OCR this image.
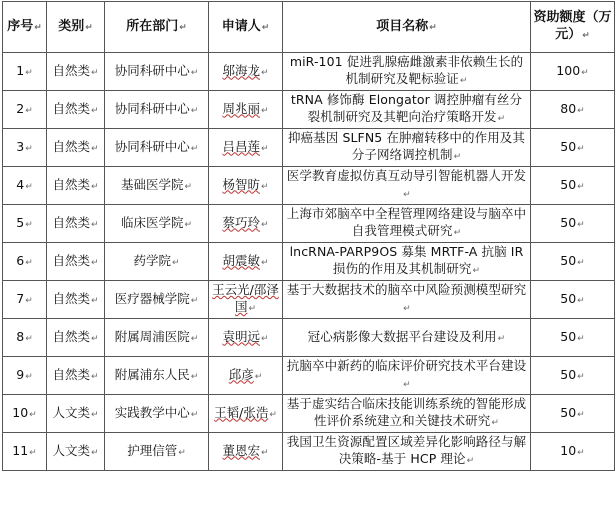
序号↵	类别↵	所在部门↵	申请人↵	项目名称↵	资助额度（万元）↵
1↵	自然类↵	协同科研中心↵	邬海龙↵	miR-101 促进乳腺癌雌激素非依赖生长的机制研究及靶标验证↵	100↵
2↵	自然类↵	协同科研中心↵	周兆丽↵	tRNA 修饰酶 Elongator 调控肿瘤有丝分裂机制研究及其靶向治疗策略开发↵	80↵
3↵	自然类↵	协同科研中心↵	吕昌莲↵	抑癌基因 SLFN5 在肿瘤转移中的作用及其分子网络调控机制↵	50↵
4↵	自然类↵	基础医学院↵	杨智昉↵	医学教育虚拟仿真互动导引智能机器人开发↵	50↵
5↵	自然类↵	临床医学院↵	蔡巧玲↵	上海市郊脑卒中全程管理网络建设与脑卒中自我管理模式研究↵	50↵
6↵	自然类↵	药学院↵	胡震敏↵	lncRNA-PARP9OS 募集 MRTF-A 抗脑 IR 损伤的作用及其机制研究↵	50↵
7↵	自然类↵	医疗器械学院↵	王云光/邵泽国↵	基于大数据技术的脑卒中风险预测模型研究↵	50↵
8↵	自然类↵	附属周浦医院↵	袁明远↵	冠心病影像大数据平台建设及利用↵	50↵
9↵	自然类↵	附属浦东人民↵	邱彦↵	抗脑卒中新药的临床评价研究技术平台建设↵	50↵
10↵	人文类↵	实践教学中心↵	王韬/张浩↵	基于虚实结合临床技能训练系统的智能形成性评价系统建立和关键技术研究↵	50↵
11↵	人文类↵	护理信管↵	董恩宏↵	我国卫生资源配置区域差异化影响路径与解决策略-基于 HCP 理论↵	10↵
